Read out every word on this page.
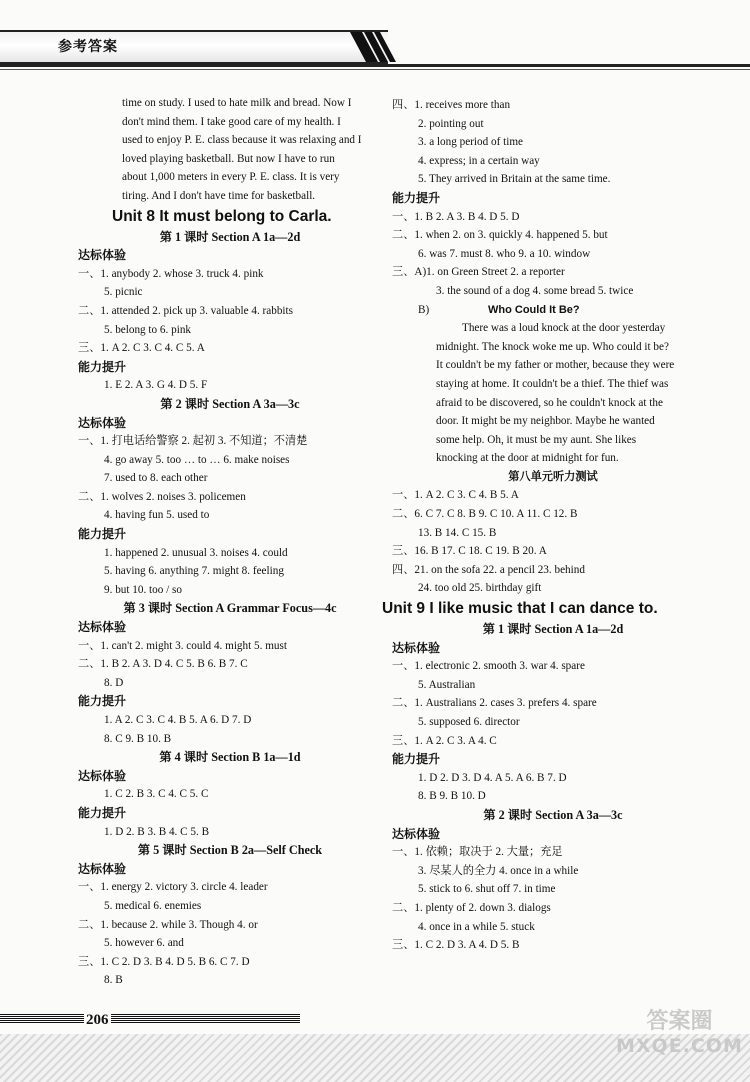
参考答案
time on study. I used to hate milk and bread. Now I
don't mind them. I take good care of my health. I
used to enjoy P. E. class because it was relaxing and I
loved playing basketball. But now I have to run
about 1,000 meters in every P. E. class. It is very
tiring. And I don't have time for basketball.
Unit 8 It must belong to Carla.
第 1 课时 Section A 1a—2d
达标体验
一、1. anybody 2. whose 3. truck 4. pink
5. picnic
二、1. attended 2. pick up 3. valuable 4. rabbits
5. belong to 6. pink
三、1. A 2. C 3. C 4. C 5. A
能力提升
1. E 2. A 3. G 4. D 5. F
第 2 课时 Section A 3a—3c
达标体验
一、1. 打电话给警察 2. 起初 3. 不知道；不清楚
4. go away 5. too … to … 6. make noises
7. used to 8. each other
二、1. wolves 2. noises 3. policemen
4. having fun 5. used to
能力提升
1. happened 2. unusual 3. noises 4. could
5. having 6. anything 7. might 8. feeling
9. but 10. too / so
第 3 课时 Section A Grammar Focus—4c
达标体验
一、1. can't 2. might 3. could 4. might 5. must
二、1. B 2. A 3. D 4. C 5. B 6. B 7. C
8. D
能力提升
1. A 2. C 3. C 4. B 5. A 6. D 7. D
8. C 9. B 10. B
第 4 课时 Section B 1a—1d
达标体验
1. C 2. B 3. C 4. C 5. C
能力提升
1. D 2. B 3. B 4. C 5. B
第 5 课时 Section B 2a—Self Check
达标体验
一、1. energy 2. victory 3. circle 4. leader
5. medical 6. enemies
二、1. because 2. while 3. Though 4. or
5. however 6. and
三、1. C 2. D 3. B 4. D 5. B 6. C 7. D
8. B
四、1. receives more than
2. pointing out
3. a long period of time
4. express; in a certain way
5. They arrived in Britain at the same time.
能力提升
一、1. B 2. A 3. B 4. D 5. D
二、1. when 2. on 3. quickly 4. happened 5. but
6. was 7. must 8. who 9. a 10. window
三、A)1. on Green Street 2. a reporter
3. the sound of a dog 4. some bread 5. twice
B)	Who Could It Be?
There was a loud knock at the door yesterday
midnight. The knock woke me up. Who could it be?
It couldn't be my father or mother, because they were
staying at home. It couldn't be a thief. The thief was
afraid to be discovered, so he couldn't knock at the
door. It might be my neighbor. Maybe he wanted
some help. Oh, it must be my aunt. She likes
knocking at the door at midnight for fun.
第八单元听力测试
一、1. A 2. C 3. C 4. B 5. A
二、6. C 7. C 8. B 9. C 10. A 11. C 12. B
13. B 14. C 15. B
三、16. B 17. C 18. C 19. B 20. A
四、21. on the sofa 22. a pencil 23. behind
24. too old 25. birthday gift
Unit 9 I like music that I can dance to.
第 1 课时 Section A 1a—2d
达标体验
一、1. electronic 2. smooth 3. war 4. spare
5. Australian
二、1. Australians 2. cases 3. prefers 4. spare
5. supposed 6. director
三、1. A 2. C 3. A 4. C
能力提升
1. D 2. D 3. D 4. A 5. A 6. B 7. D
8. B 9. B 10. D
第 2 课时 Section A 3a—3c
达标体验
一、1. 依赖；取决于 2. 大量；充足
3. 尽某人的全力 4. once in a while
5. stick to 6. shut off 7. in time
二、1. plenty of 2. down 3. dialogs
4. once in a while 5. stuck
三、1. C 2. D 3. A 4. D 5. B
206	答案圈
MXQE.COM
